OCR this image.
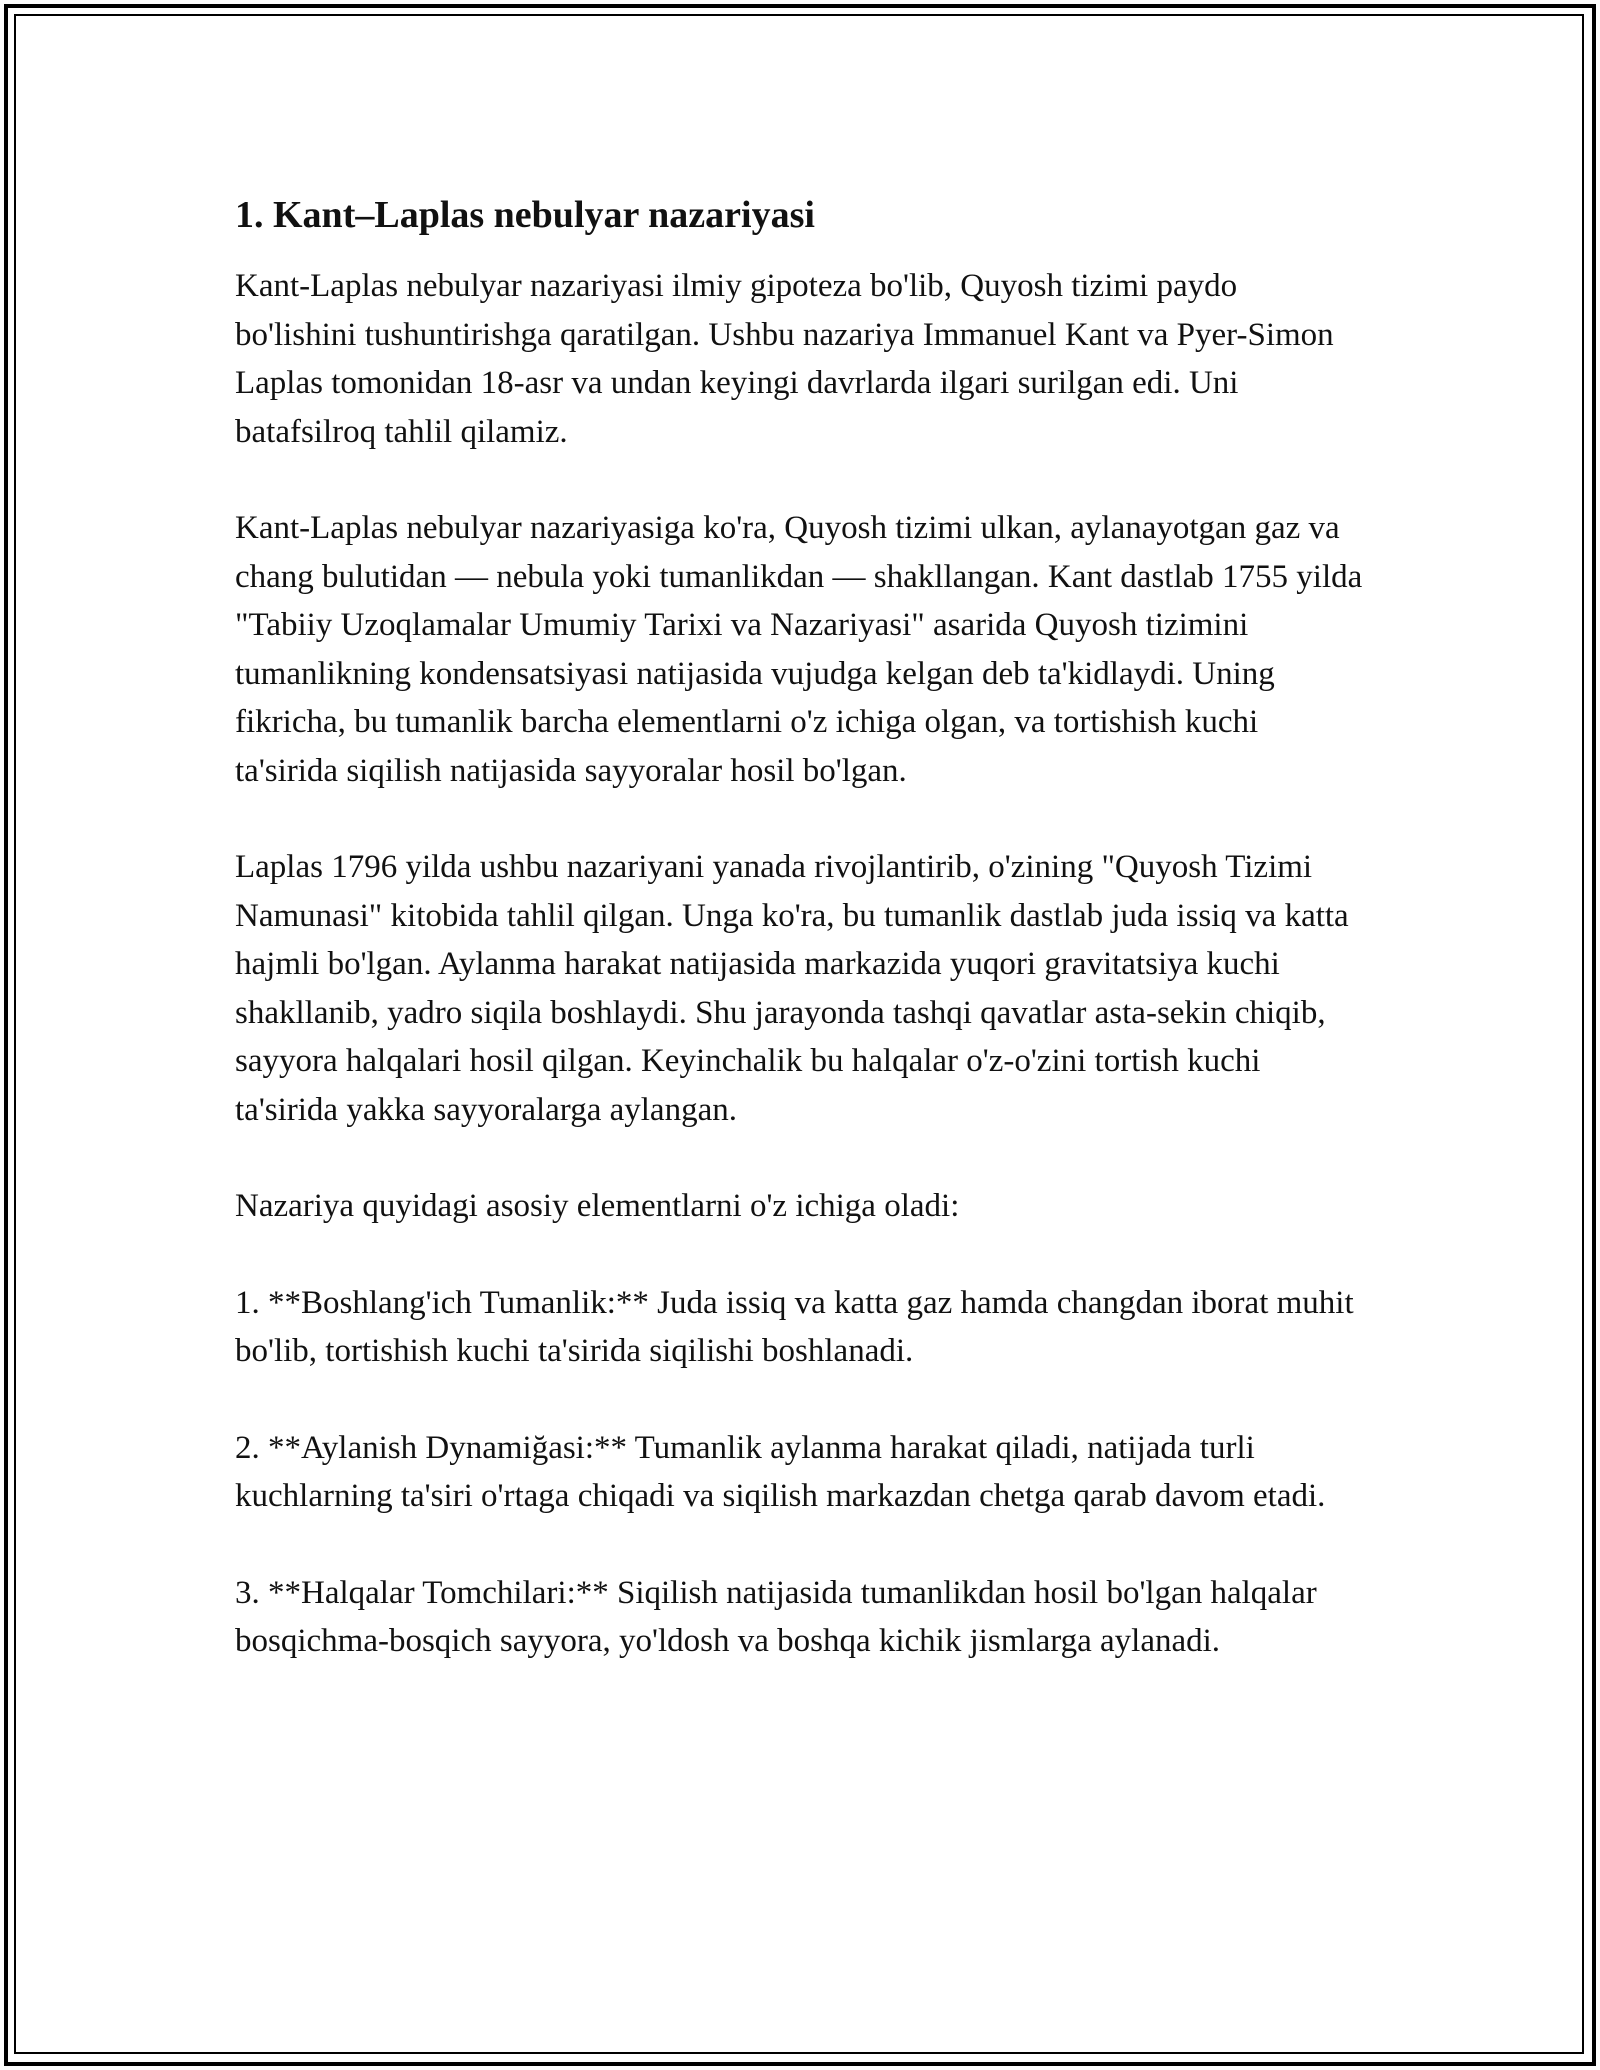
1. Kant–Laplas nebulyar nazariyasi

Kant-Laplas nebulyar nazariyasi ilmiy gipoteza bo'lib, Quyosh tizimi paydo bo'lishini tushuntirishga qaratilgan. Ushbu nazariya Immanuel Kant va Pyer-Simon Laplas tomonidan 18-asr va undan keyingi davrlarda ilgari surilgan edi. Uni batafsilroq tahlil qilamiz.

Kant-Laplas nebulyar nazariyasiga ko'ra, Quyosh tizimi ulkan, aylanayotgan gaz va chang bulutidan — nebula yoki tumanlikdan — shakllangan. Kant dastlab 1755 yilda "Tabiiy Uzoqlamalar Umumiy Tarixi va Nazariyasi" asarida Quyosh tizimini tumanlikning kondensatsiyasi natijasida vujudga kelgan deb ta'kidlaydi. Uning fikricha, bu tumanlik barcha elementlarni o'z ichiga olgan, va tortishish kuchi ta'sirida siqilish natijasida sayyoralar hosil bo'lgan.

Laplas 1796 yilda ushbu nazariyani yanada rivojlantirib, o'zining "Quyosh Tizimi Namunasi" kitobida tahlil qilgan. Unga ko'ra, bu tumanlik dastlab juda issiq va katta hajmli bo'lgan. Aylanma harakat natijasida markazida yuqori gravitatsiya kuchi shakllanib, yadro siqila boshlaydi. Shu jarayonda tashqi qavatlar asta-sekin chiqib, sayyora halqalari hosil qilgan. Keyinchalik bu halqalar o'z-o'zini tortish kuchi ta'sirida yakka sayyoralarga aylangan.

Nazariya quyidagi asosiy elementlarni o'z ichiga oladi:

1. **Boshlang'ich Tumanlik:** Juda issiq va katta gaz hamda changdan iborat muhit bo'lib, tortishish kuchi ta'sirida siqilishi boshlanadi.

2. **Aylanish Dynamiğasi:** Tumanlik aylanma harakat qiladi, natijada turli kuchlarning ta'siri o'rtaga chiqadi va siqilish markazdan chetga qarab davom etadi.

3. **Halqalar Tomchilari:** Siqilish natijasida tumanlikdan hosil bo'lgan halqalar bosqichma-bosqich sayyora, yo'ldosh va boshqa kichik jismlarga aylanadi.
